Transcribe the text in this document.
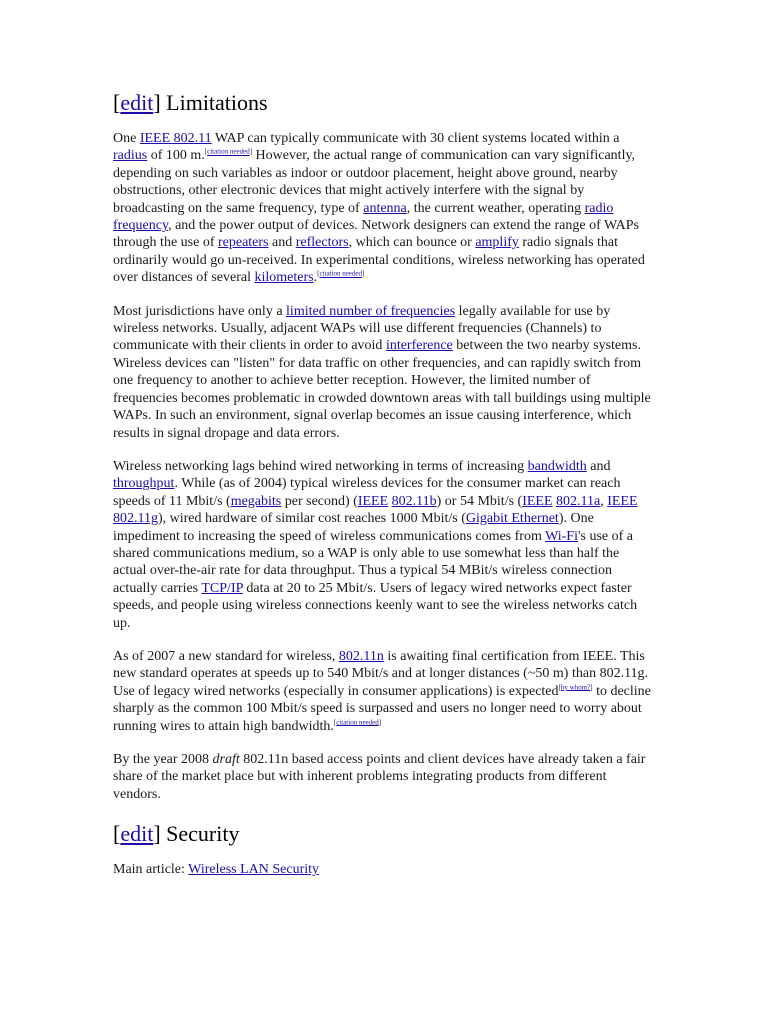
[edit] Limitations

One IEEE 802.11 WAP can typically communicate with 30 client systems located within a radius of 100 m.[citation needed] However, the actual range of communication can vary significantly, depending on such variables as indoor or outdoor placement, height above ground, nearby obstructions, other electronic devices that might actively interfere with the signal by broadcasting on the same frequency, type of antenna, the current weather, operating radio frequency, and the power output of devices. Network designers can extend the range of WAPs through the use of repeaters and reflectors, which can bounce or amplify radio signals that ordinarily would go un-received. In experimental conditions, wireless networking has operated over distances of several kilometers.[citation needed]

Most jurisdictions have only a limited number of frequencies legally available for use by wireless networks. Usually, adjacent WAPs will use different frequencies (Channels) to communicate with their clients in order to avoid interference between the two nearby systems. Wireless devices can "listen" for data traffic on other frequencies, and can rapidly switch from one frequency to another to achieve better reception. However, the limited number of frequencies becomes problematic in crowded downtown areas with tall buildings using multiple WAPs. In such an environment, signal overlap becomes an issue causing interference, which results in signal dropage and data errors.

Wireless networking lags behind wired networking in terms of increasing bandwidth and throughput. While (as of 2004) typical wireless devices for the consumer market can reach speeds of 11 Mbit/s (megabits per second) (IEEE 802.11b) or 54 Mbit/s (IEEE 802.11a, IEEE 802.11g), wired hardware of similar cost reaches 1000 Mbit/s (Gigabit Ethernet). One impediment to increasing the speed of wireless communications comes from Wi-Fi's use of a shared communications medium, so a WAP is only able to use somewhat less than half the actual over-the-air rate for data throughput. Thus a typical 54 MBit/s wireless connection actually carries TCP/IP data at 20 to 25 Mbit/s. Users of legacy wired networks expect faster speeds, and people using wireless connections keenly want to see the wireless networks catch up.

As of 2007 a new standard for wireless, 802.11n is awaiting final certification from IEEE. This new standard operates at speeds up to 540 Mbit/s and at longer distances (~50 m) than 802.11g. Use of legacy wired networks (especially in consumer applications) is expected[by whom?] to decline sharply as the common 100 Mbit/s speed is surpassed and users no longer need to worry about running wires to attain high bandwidth.[citation needed]

By the year 2008 draft 802.11n based access points and client devices have already taken a fair share of the market place but with inherent problems integrating products from different vendors.

[edit] Security

Main article: Wireless LAN Security
